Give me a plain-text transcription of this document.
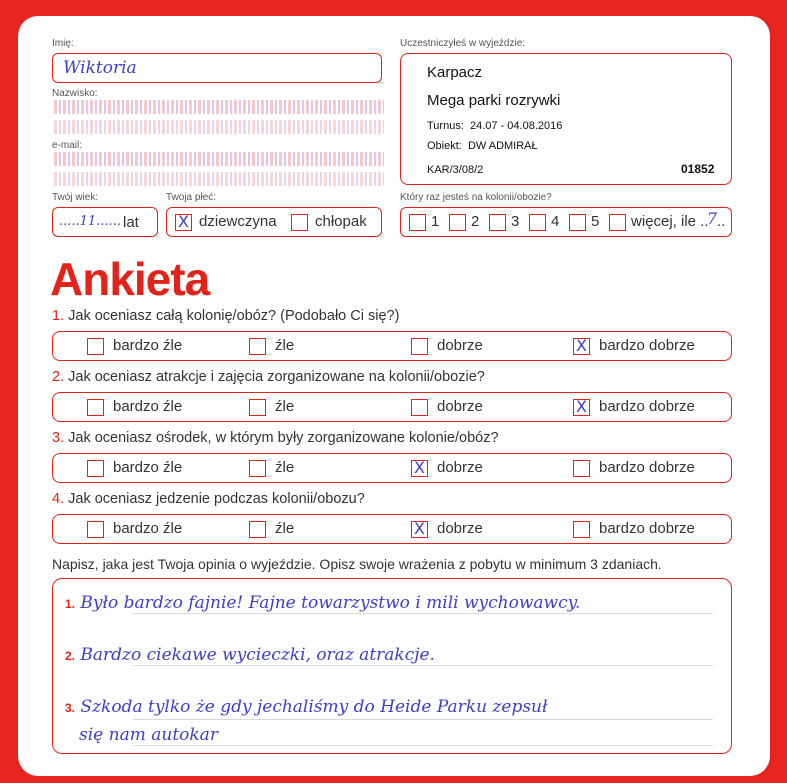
Imię:
Wiktoria
Nazwisko:
e-mail:
Twój wiek:
.....11...... lat
Twoja płeć:
X dziewczyna	chłopak
Uczestniczyłeś w wyjeździe:
Karpacz
Mega parki rozrywki
Turnus:  24.07 - 04.08.2016
Obiekt:  DW ADMIRAŁ
KAR/3/08/2	01852
Który raz jesteś na kolonii/obozie?
1 2 3 4 5 więcej, ile ..
7 ..
Ankieta
1. Jak oceniasz całą kolonię/obóz? (Podobało Ci się?)
bardzo źle	źle	dobrze	X bardzo dobrze
2. Jak oceniasz atrakcje i zajęcia zorganizowane na kolonii/obozie?
bardzo źle	źle	dobrze	X bardzo dobrze
3. Jak oceniasz ośrodek, w którym były zorganizowane kolonie/obóz?
bardzo źle	źle	X dobrze	bardzo dobrze
4. Jak oceniasz jedzenie podczas kolonii/obozu?
bardzo źle	źle	X dobrze	bardzo dobrze
Napisz, jaka jest Twoja opinia o wyjeździe. Opisz swoje wrażenia z pobytu w minimum 3 zdaniach.
1. Było bardzo fajnie! Fajne towarzystwo i mili wychowawcy.
2. Bardzo ciekawe wycieczki, oraz atrakcje.
3. Szkoda tylko że gdy jechaliśmy do Heide Parku zepsuł
się nam autokar
